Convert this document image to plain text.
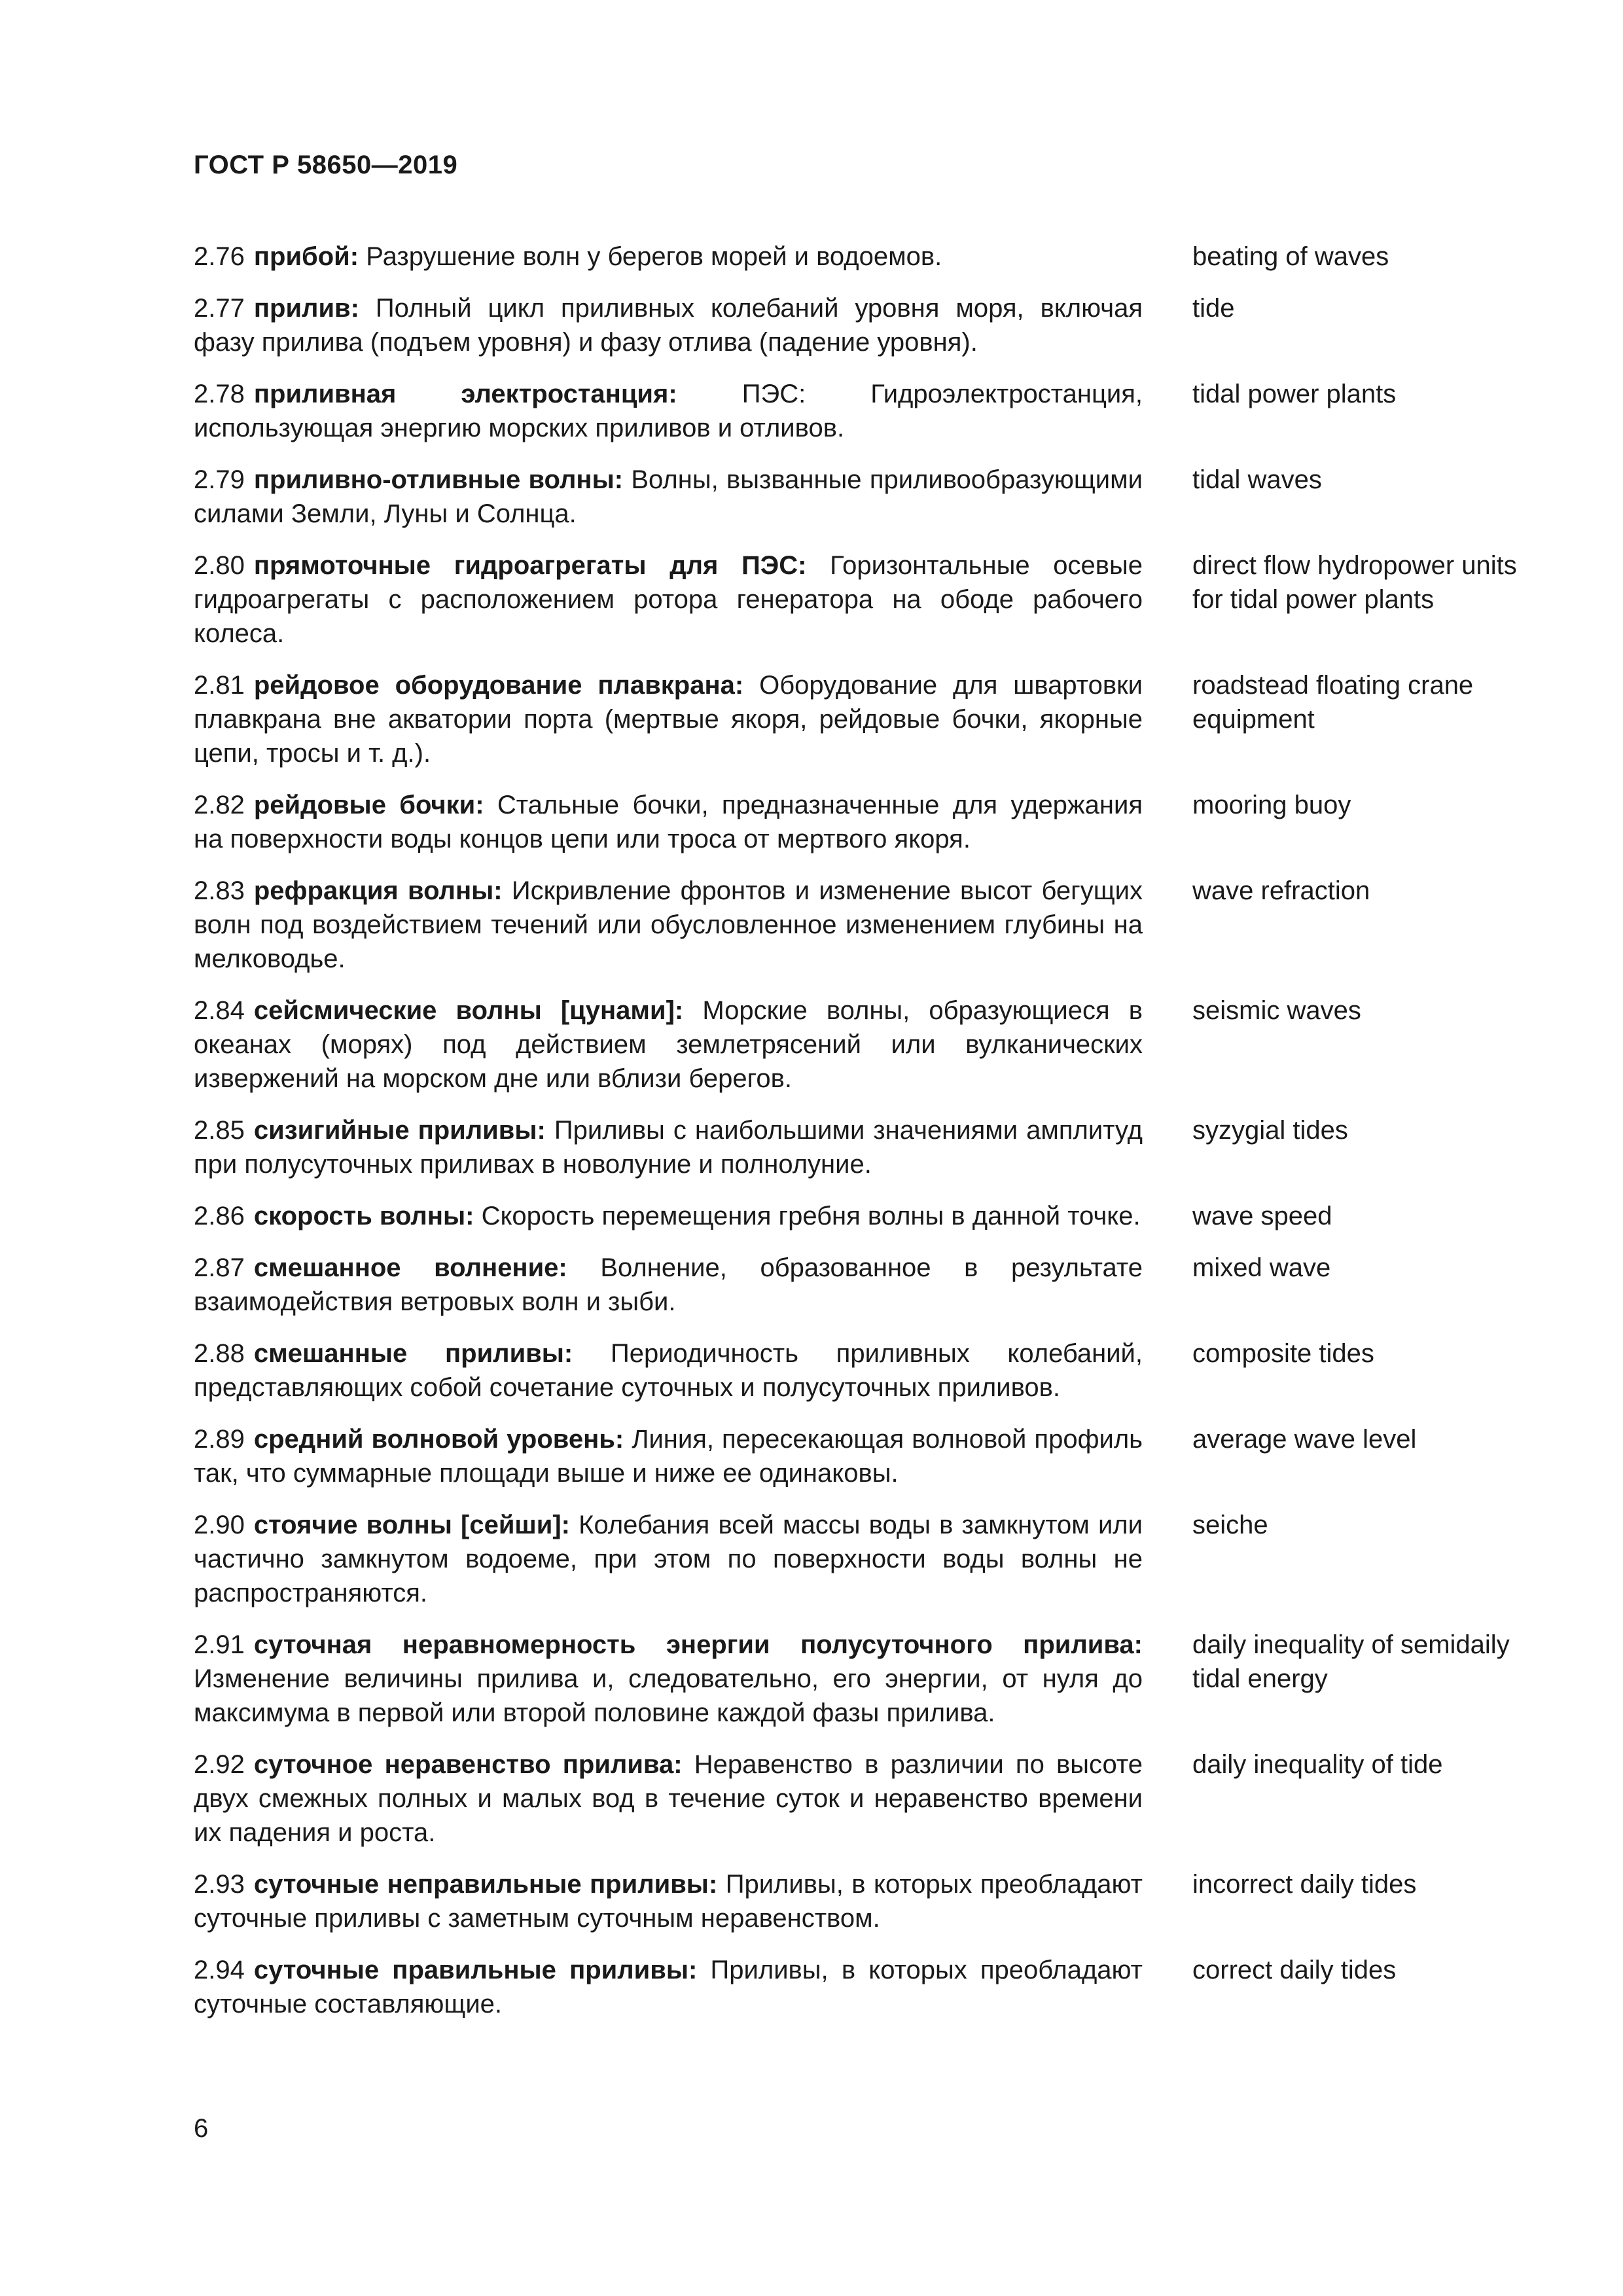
ГОСТ Р 58650—2019
2.76 прибой: Разрушение волн у берегов морей и водоемов.	beating of waves
2.77 прилив: Полный цикл приливных колебаний уровня моря, включая фазу прилива (подъем уровня) и фазу отлива (падение уровня).
tide
2.78 приливная электростанция: ПЭС: Гидроэлектростанция, использующая энергию морских приливов и отливов.
tidal power plants
2.79 приливно-отливные волны: Волны, вызванные приливообразующими силами Земли, Луны и Солнца.
tidal waves
2.80 прямоточные гидроагрегаты для ПЭС: Горизонтальные осевые гидроагрегаты с расположением ротора генератора на ободе рабочего колеса.
direct flow hydropower units for tidal power plants
2.81 рейдовое оборудование плавкрана: Оборудование для швартовки плавкрана вне акватории порта (мертвые якоря, рейдовые бочки, якорные цепи, тросы и т. д.).
roadstead floating crane equipment
2.82 рейдовые бочки: Стальные бочки, предназначенные для удержания на поверхности воды концов цепи или троса от мертвого якоря.
mooring buoy
2.83 рефракция волны: Искривление фронтов и изменение высот бегущих волн под воздействием течений или обусловленное изменением глубины на мелководье.
wave refraction
2.84 сейсмические волны [цунами]: Морские волны, образующиеся в океанах (морях) под действием землетрясений или вулканических извержений на морском дне или вблизи берегов.
seismic waves
2.85 сизигийные приливы: Приливы с наибольшими значениями амплитуд при полусуточных приливах в новолуние и полнолуние.
syzygial tides
2.86 скорость волны: Скорость перемещения гребня волны в данной точке. wave speed
2.87 смешанное волнение: Волнение, образованное в результате взаимодействия ветровых волн и зыби.
mixed wave
2.88 смешанные приливы: Периодичность приливных колебаний, представляющих собой сочетание суточных и полусуточных приливов.
composite tides
2.89 средний волновой уровень: Линия, пересекающая волновой профиль так, что суммарные площади выше и ниже ее одинаковы.
average wave level
2.90 стоячие волны [сейши]: Колебания всей массы воды в замкнутом или частично замкнутом водоеме, при этом по поверхности воды волны не распространяются.
seiche
2.91 суточная неравномерность энергии полусуточного прилива: Изменение величины прилива и, следовательно, его энергии, от нуля до максимума в первой или второй половине каждой фазы прилива.
daily inequality of semidaily tidal energy
2.92 суточное неравенство прилива: Неравенство в различии по высоте двух смежных полных и малых вод в течение суток и неравенство времени их падения и роста.
daily inequality of tide
2.93 суточные неправильные приливы: Приливы, в которых преобладают суточные приливы с заметным суточным неравенством.
incorrect daily tides
2.94 суточные правильные приливы: Приливы, в которых преобладают суточные составляющие.
correct daily tides
6
